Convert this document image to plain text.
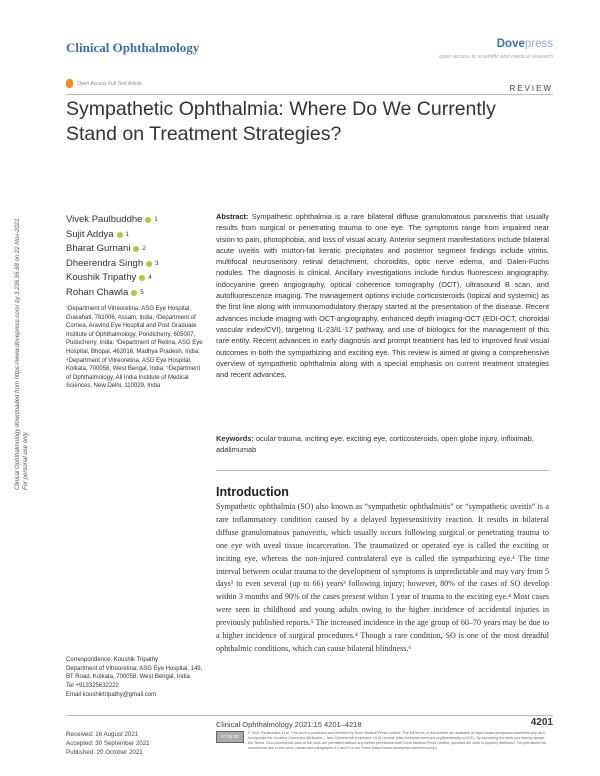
Clinical Ophthalmology	Dovepress
open access to scientific and medical research
Open Access Full Text Article
REVIEW
Sympathetic Ophthalmia: Where Do We Currently Stand on Treatment Strategies?
Clinical Ophthalmology downloaded from https://www.dovepress.com/ by 3.236.95.68 on 22-Nov-2021 For personal use only.
Vivek Paulbuddhe 1
Sujit Addya 1
Bharat Gurnani 2
Dheerendra Singh 3
Koushik Tripathy 4
Rohan Chawla 5
¹Department of Vitreoretina, ASG Eye Hospital, Guwahati, 781006, Assam, India; ²Department of Cornea, Aravind Eye Hospital and Post Graduate Institute of Ophthalmology, Pondicherry, 605007, Puducherry, India; ³Department of Retina, ASG Eye Hospital, Bhopal, 462016, Madhya Pradesh, India; ⁴Department of Vitreoretina, ASG Eye Hospital, Kolkata, 700058, West Bengal, India; ⁵Department of Ophthalmology, All India Institute of Medical Sciences, New Delhi, 110029, India
Abstract: Sympathetic ophthalmia is a rare bilateral diffuse granulomatous panuveitis that usually results from surgical or penetrating trauma to one eye. The symptoms range from impaired near vision to pain, photophobia, and loss of visual acuity. Anterior segment manifestations include bilateral acute uveitis with mutton-fat keratic precipitates and posterior segment findings include vitritis, multifocal neurosensory retinal detachment, choroiditis, optic nerve edema, and Dalen-Fuchs nodules. The diagnosis is clinical. Ancillary investigations include fundus fluorescein angiography, indocyanine green angiography, optical coherence tomography (OCT), ultrasound B scan, and autofluorescence imaging. The management options include corticosteroids (topical and systemic) as the first line along with immunomodulatory therapy started at the presentation of the disease. Recent advances include imaging with OCT-angiography, enhanced depth imaging-OCT (EDI-OCT, choroidal vascular index/CVI), targeting IL-23/IL-17 pathway, and use of biologics for the management of this rare entity. Recent advances in early diagnosis and prompt treatment has led to improved final visual outcomes in both the sympathizing and exciting eye. This review is aimed at giving a comprehensive overview of sympathetic ophthalmia along with a special emphasis on current treatment strategies and recent advances.
Keywords: ocular trauma, inciting eye, exciting eye, corticosteroids, open globe injury, infliximab, adalimumab
Introduction
Sympathetic ophthalmia (SO) also known as “sympathetic ophthalmitis” or “sympathetic uveitis” is a rare inflammatory condition caused by a delayed hypersensitivity reaction. It results in bilateral diffuse granulomatous panuveitis, which usually occurs following surgical or penetrating trauma to one eye with uveal tissue incarceration. The traumatized or operated eye is called the exciting or inciting eye, whereas the non-injured contralateral eye is called the sympathizing eye.¹ The time interval between ocular trauma to the development of symptoms is unpredictable and may vary from 5 days² to even several (up to 66) years³ following injury; however, 80% of the cases of SO develop within 3 months and 90% of the cases present within 1 year of trauma to the exciting eye.⁴ Most cases were seen in childhood and young adults owing to the higher incidence of accidental injuries in previously published reports.⁵ The increased incidence in the age group of 60–70 years may be due to a higher incidence of surgical procedures.⁴ Though a rare condition, SO is one of the most dreadful ophthalmic conditions, which can cause bilateral blindness.⁶
Correspondence: Koushik Tripathy
Department of Vitreoretina, ASG Eye Hospital, 149, BT Road, Kolkata, 700058, West Bengal, India
Tel +913325632222
Email koushiktripathy@gmail.com
Received: 16 August 2021
Accepted: 30 September 2021
Published: 20 October 2021
Clinical Ophthalmology 2021:15 4201–4218	4201
cc by nc
© 2021 Paulbuddhe et al. This work is published and licensed by Dove Medical Press Limited. The full terms of this license are available at https://www.dovepress.com/terms.php and incorporate the Creative Commons Attribution – Non Commercial (unported, v3.0) License (http://creativecommons.org/licenses/by-nc/3.0/). By accessing the work you hereby accept the Terms. Non-commercial uses of the work are permitted without any further permission from Dove Medical Press Limited, provided the work is properly attributed. For permission for commercial use of this work, please see paragraphs 4.2 and 5 of our Terms (https://www.dovepress.com/terms.php).
